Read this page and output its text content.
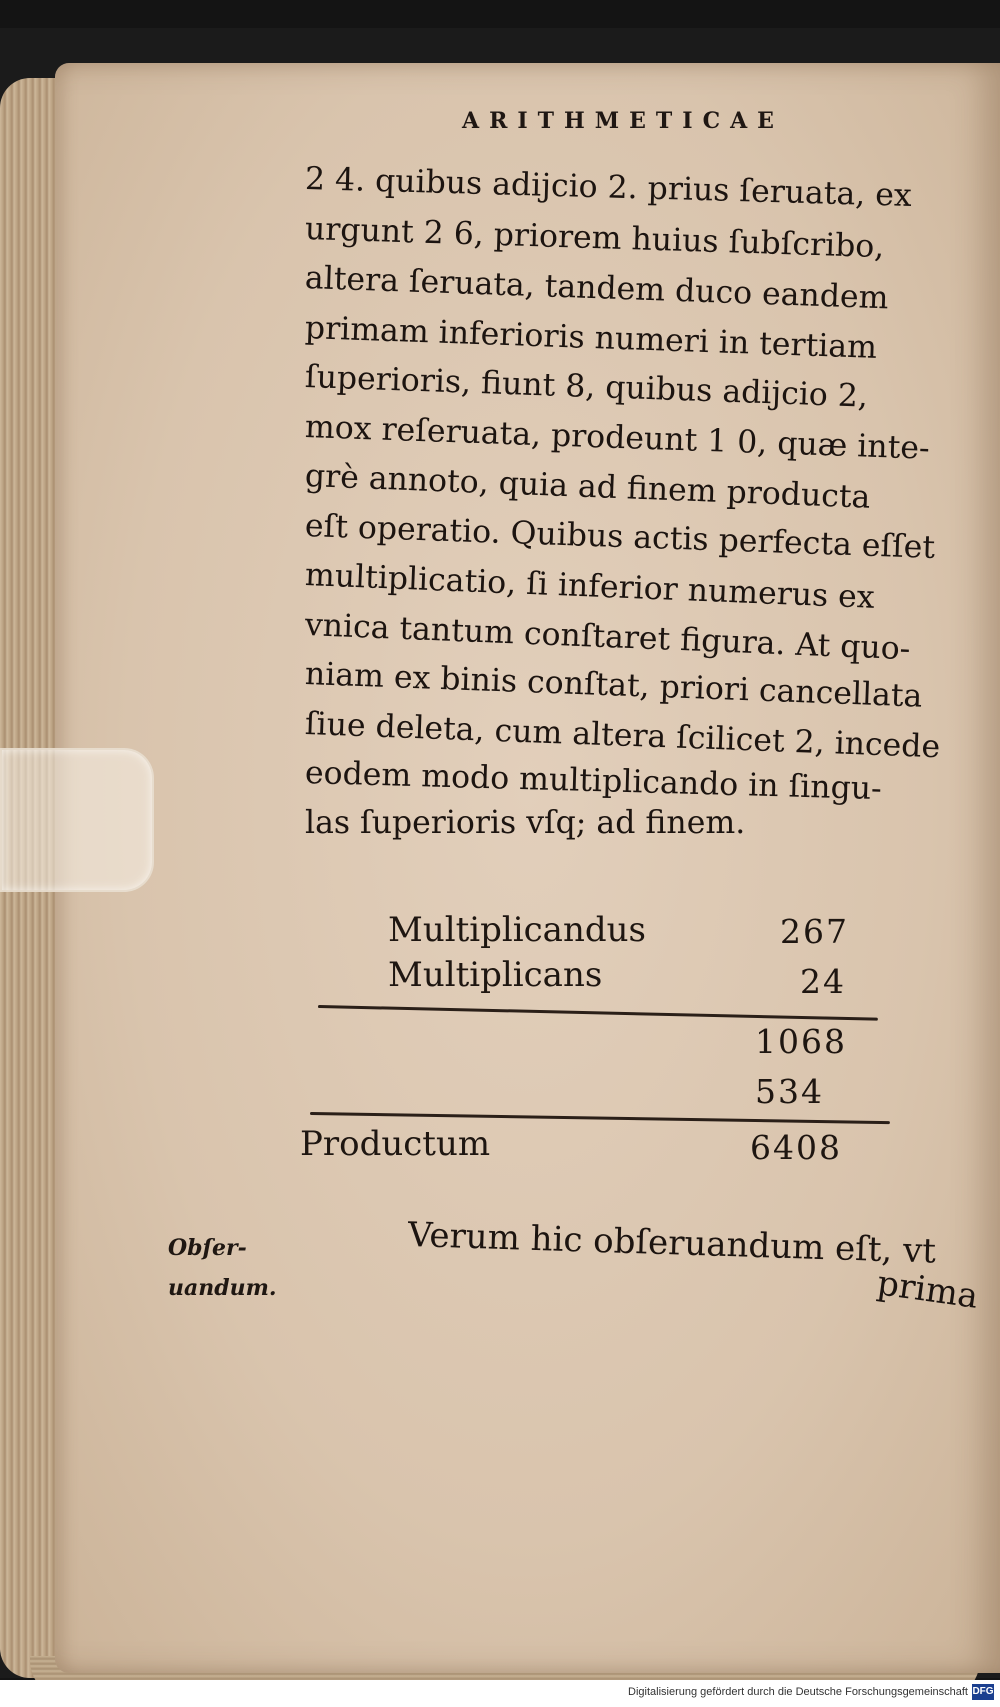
ARITHMETICAE
2 4. quibus adijcio 2. prius ſeruata, ex
urgunt 2 6, priorem huius ſubſcribo,
altera ſeruata, tandem duco eandem
primam inferioris numeri in tertiam
ſuperioris, fiunt 8, quibus adijcio 2,
mox reſeruata, prodeunt 1 0, quæ inte-
grè annoto, quia ad finem producta
eſt operatio. Quibus actis perfecta eſſet
multiplicatio, ſi inferior numerus ex
vnica tantum conſtaret figura. At quo-
niam ex binis conſtat, priori cancellata
ſiue deleta, cum altera ſcilicet 2, incede
eodem modo multiplicando in ſingu-
las ſuperioris vſq; ad finem.
Multiplicandus	267
Multiplicans	24
1068
534
Productum	6408
Obſer-
uandum.
Verum hic obſeruandum eſt, vt
prima

Digitalisierung gefördert durch die Deutsche Forschungsgemeinschaft DFG
